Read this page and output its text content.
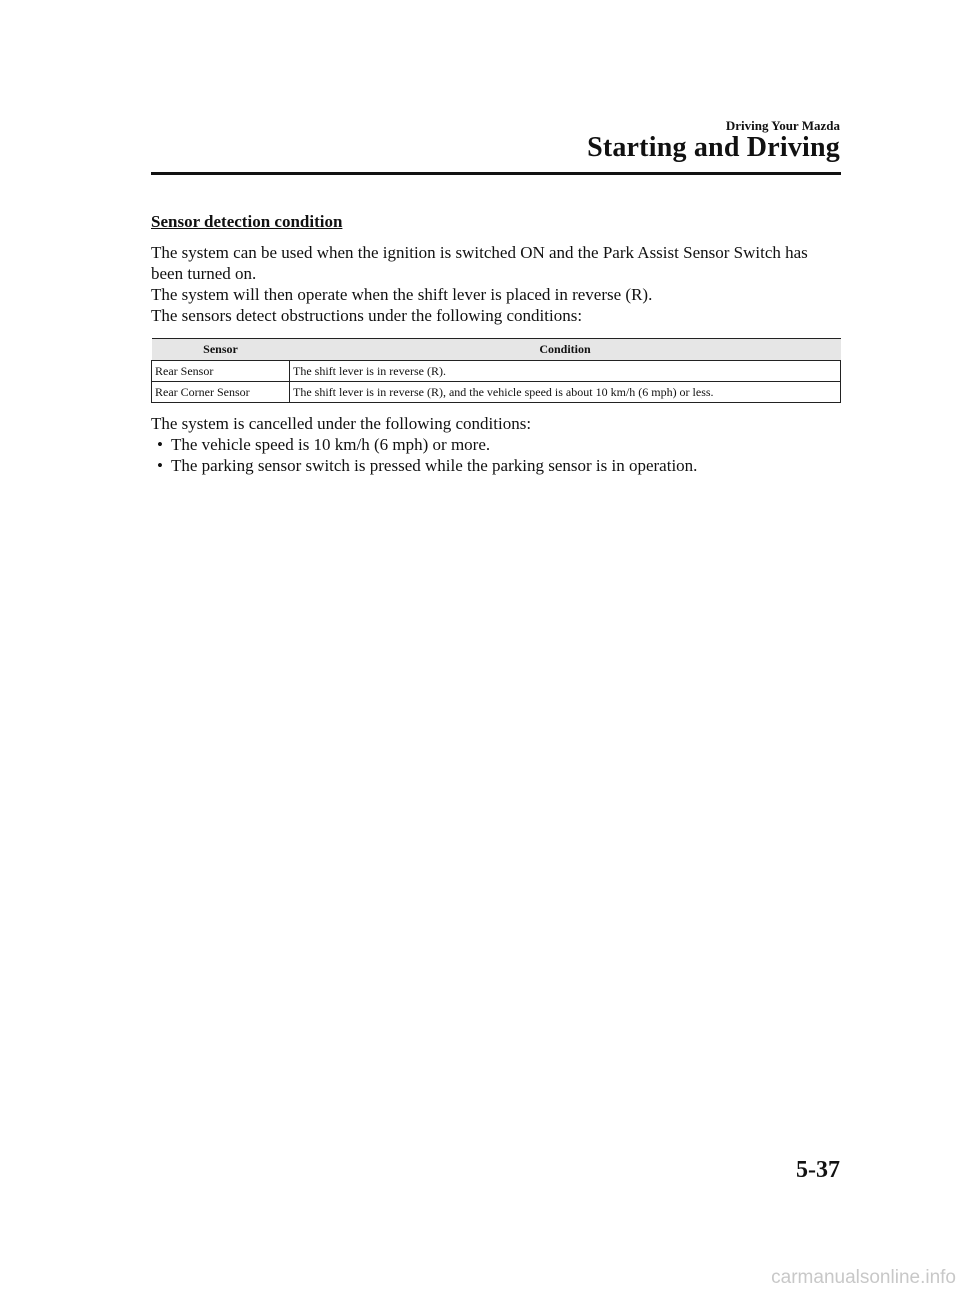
Driving Your Mazda
Starting and Driving
Sensor detection condition

The system can be used when the ignition is switched ON and the Park Assist Sensor Switch has been turned on.

The system will then operate when the shift lever is placed in reverse (R).

The sensors detect obstructions under the following conditions:

Sensor	Condition
Rear Sensor	The shift lever is in reverse (R).
Rear Corner Sensor	The shift lever is in reverse (R), and the vehicle speed is about 10 km/h (6 mph) or less.

The system is cancelled under the following conditions:

• The vehicle speed is 10 km/h (6 mph) or more.
• The parking sensor switch is pressed while the parking sensor is in operation.
5-37
carmanualsonline.info
